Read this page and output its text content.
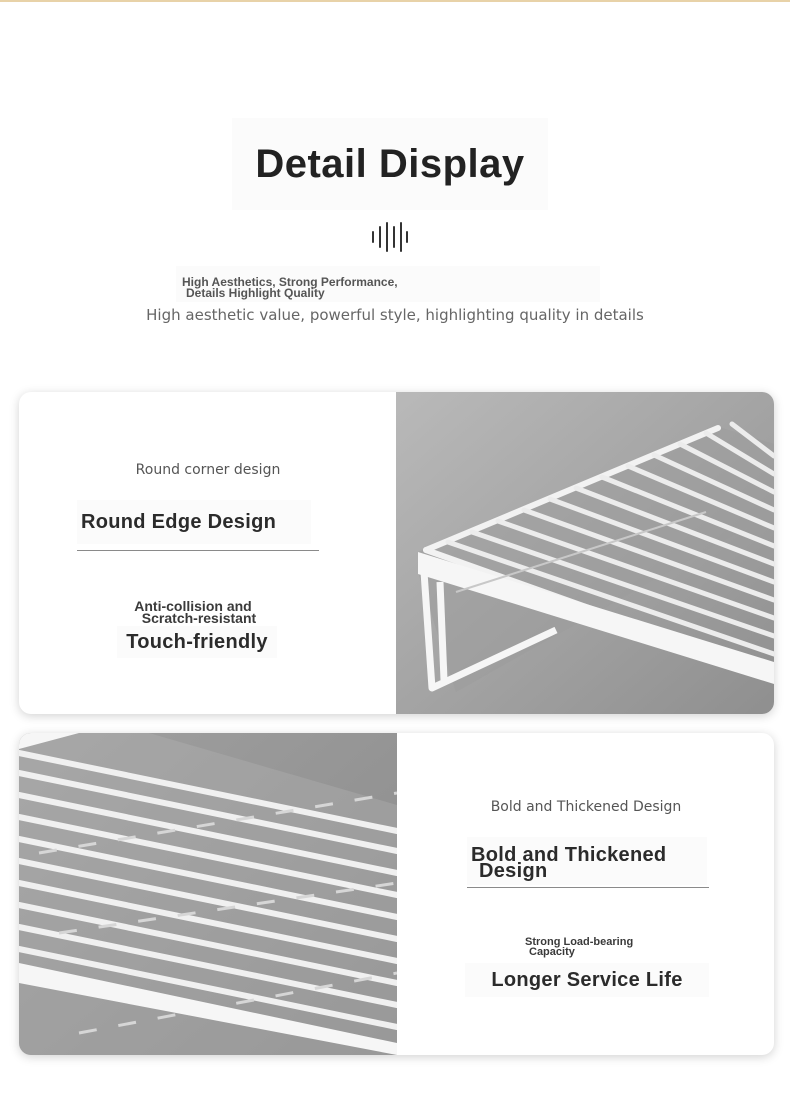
Detail Display
High Aesthetics, Strong Performance,
Details Highlight Quality
High aesthetic value, powerful style, highlighting quality in details
Round corner design
Round Edge Design
Anti-collision and
Scratch-resistant
Touch-friendly
Bold and Thickened Design
Bold and Thickened
Design
Strong Load-bearing
Capacity
Longer Service Life
